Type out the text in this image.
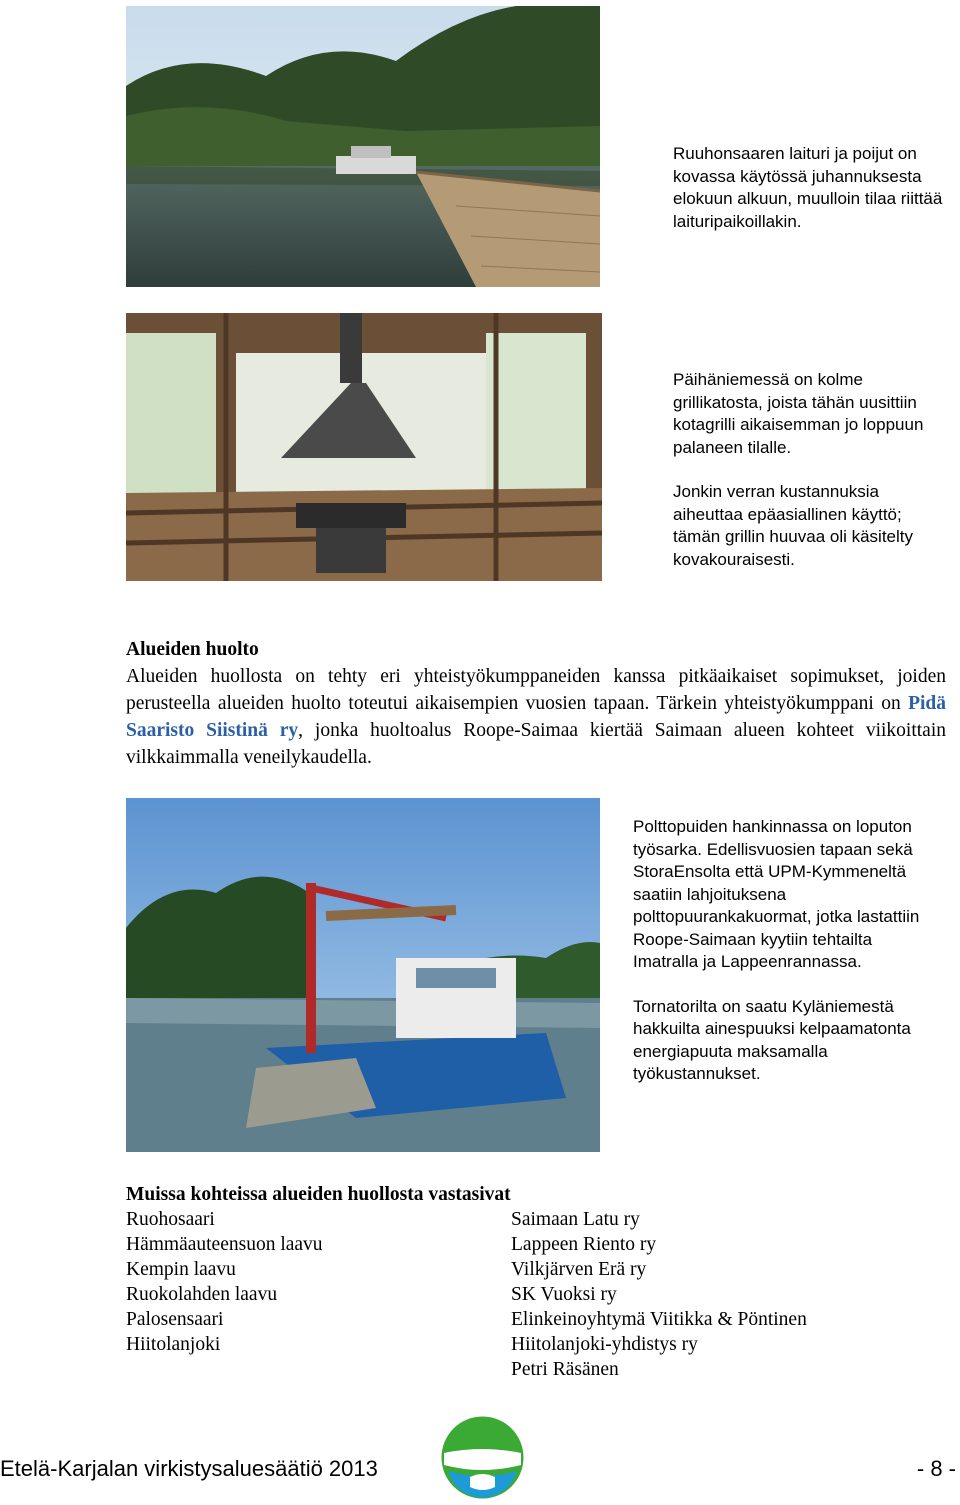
Ruuhonsaaren laituri ja poijut on kovassa käytössä juhannuksesta elokuun alkuun, muulloin tilaa riittää laituripaikoillakin.

Päihäniemessä on kolme grillikatosta, joista tähän uusittiin kotagrilli aikaisemman jo loppuun palaneen tilalle.

Jonkin verran kustannuksia aiheuttaa epäasiallinen käyttö; tämän grillin huuvaa oli käsitelty kovakouraisesti.

Alueiden huolto

Alueiden huollosta on tehty eri yhteistyökumppaneiden kanssa pitkäaikaiset sopimukset, joiden perusteella alueiden huolto toteutui aikaisempien vuosien tapaan. Tärkein yhteistyökumppani on Pidä Saaristo Siistinä ry, jonka huoltoalus Roope-Saimaa kiertää Saimaan alueen kohteet viikoittain vilkkaimmalla veneilykaudella.

Polttopuiden hankinnassa on loputon työsarka. Edellisvuosien tapaan sekä StoraEnsolta että UPM-Kymmeneltä saatiin lahjoituksena polttopuurankakuormat, jotka lastattiin Roope-Saimaan kyytiin tehtailta Imatralla ja Lappeenrannassa.

Tornatorilta on saatu Kyläniemestä hakkuilta ainespuuksi kelpaamatonta energiapuuta maksamalla työkustannukset.

Muissa kohteissa alueiden huollosta vastasivat
Ruohosaari
Hämmäauteensuon laavu
Kempin laavu
Ruokolahden laavu
Palosensaari
Hiitolanjoki
Saimaan Latu ry
Lappeen Riento ry
Vilkjärven Erä ry
SK Vuoksi ry
Elinkeinoyhtymä Viitikka & Pöntinen
Hiitolanjoki-yhdistys ry
Petri Räsänen
Etelä-Karjalan virkistysaluesäätiö 2013	- 8 -
